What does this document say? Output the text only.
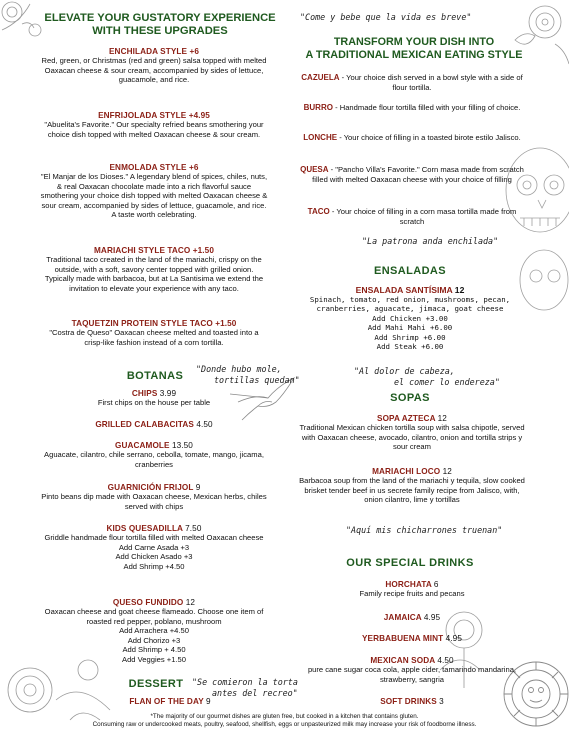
ELEVATE YOUR GUSTATORY EXPERIENCE
WITH THESE UPGRADES
ENCHILADA STYLE +6
Red, green, or Christmas (red and green) salsa topped with melted Oaxacan cheese & sour cream, accompanied by sides of lettuce, guacamole, and rice.
ENFRIJOLADA STYLE +4.95
"Abuelita's Favorite." Our specialty refried beans smothering your choice dish topped with melted Oaxacan cheese & sour cream.
ENMOLADA STYLE +6
"El Manjar de los Dioses." A legendary blend of spices, chiles, nuts, & real Oaxacan chocolate made into a rich flavorful sauce smothering your choice dish topped with melted Oaxacan cheese & sour cream, accompanied by sides of lettuce, guacamole, and rice. A taste worth celebrating.
MARIACHI STYLE TACO +1.50
Traditional taco created in the land of the mariachi, crispy on the outside, with a soft, savory center topped with grilled onion. Typically made with barbacoa, but at La Santisima we extend the invitation to elevate your experience with any taco.
TAQUETZIN PROTEIN STYLE TACO +1.50
"Costra de Queso" Oaxacan cheese melted and toasted into a crisp-like fashion instead of a corn tortilla.
BOTANAS
"Donde hubo mole,
tortillas quedan"
CHIPS 3.99
First chips on the house per table
GRILLED CALABACITAS 4.50
GUACAMOLE 13.50
Aguacate, cilantro, chile serrano, cebolla, tomate, mango, jicama, cranberries
GUARNICIÓN FRIJOL 9
Pinto beans dip made with Oaxacan cheese, Mexican herbs, chiles served with chips
KIDS QUESADILLA 7.50
Griddle handmade flour tortilla filled with melted Oaxacan cheese
Add Carne Asada +3
Add Chicken Asado +3
Add Shrimp +4.50
QUESO FUNDIDO 12
Oaxacan cheese and goat cheese flameado. Choose one item of roasted red pepper, poblano, mushroom
Add Arrachera +4.50
Add Chorizo +3
Add Shrimp + 4.50
Add Veggies +1.50
DESSERT	"Se comieron la torta
antes del recreo"
FLAN OF THE DAY 9
"Come y bebe que la vida es breve"
TRANSFORM YOUR DISH INTO
A TRADITIONAL MEXICAN EATING STYLE
CAZUELA - Your choice dish served in a bowl style with a side of flour tortilla.
BURRO - Handmade flour tortilla filled with your filling of choice.
LONCHE - Your choice of filling in a toasted birote estilo Jalisco.
QUESA - "Pancho Villa's Favorite." Corn masa made from scratch filled with melted Oaxacan cheese with your choice of filling
TACO - Your choice of filling in a corn masa tortilla made from scratch
"La patrona anda enchilada"
ENSALADAS
ENSALADA SANTÍSIMA 12
Spinach, tomato, red onion, mushrooms, pecan,
cranberries, aguacate, jimaca, goat cheese
Add Chicken +3.00
Add Mahi Mahi +6.00
Add Shrimp +6.00
Add Steak +6.00
"Al dolor de cabeza,
el comer lo endereza"
SOPAS
SOPA AZTECA 12
Traditional Mexican chicken tortilla soup with salsa chipotle, served with Oaxacan cheese, avocado, cilantro, onion and tortilla strips y sour cream
MARIACHI LOCO 12
Barbacoa soup from the land of the mariachi y tequila, slow cooked brisket tender beef in us secrete family recipe from Jalisco, with, onion cilantro, lime y tortillas
"Aquí mis chicharrones truenan"
OUR SPECIAL DRINKS
HORCHATA 6
Family recipe fruits and pecans
JAMAICA 4.95
YERBABUENA MINT 4.95
MEXICAN SODA 4.50
pure cane sugar coca cola, apple cider, tamarindo mandarina, strawberry, sangria
SOFT DRINKS 3
*The majority of our gourmet dishes are gluten free, but cooked in a kitchen that contains gluten.
Consuming raw or undercooked meats, poultry, seafood, shellfish, eggs or unpasteurized milk may increase your risk of foodborne illness.
